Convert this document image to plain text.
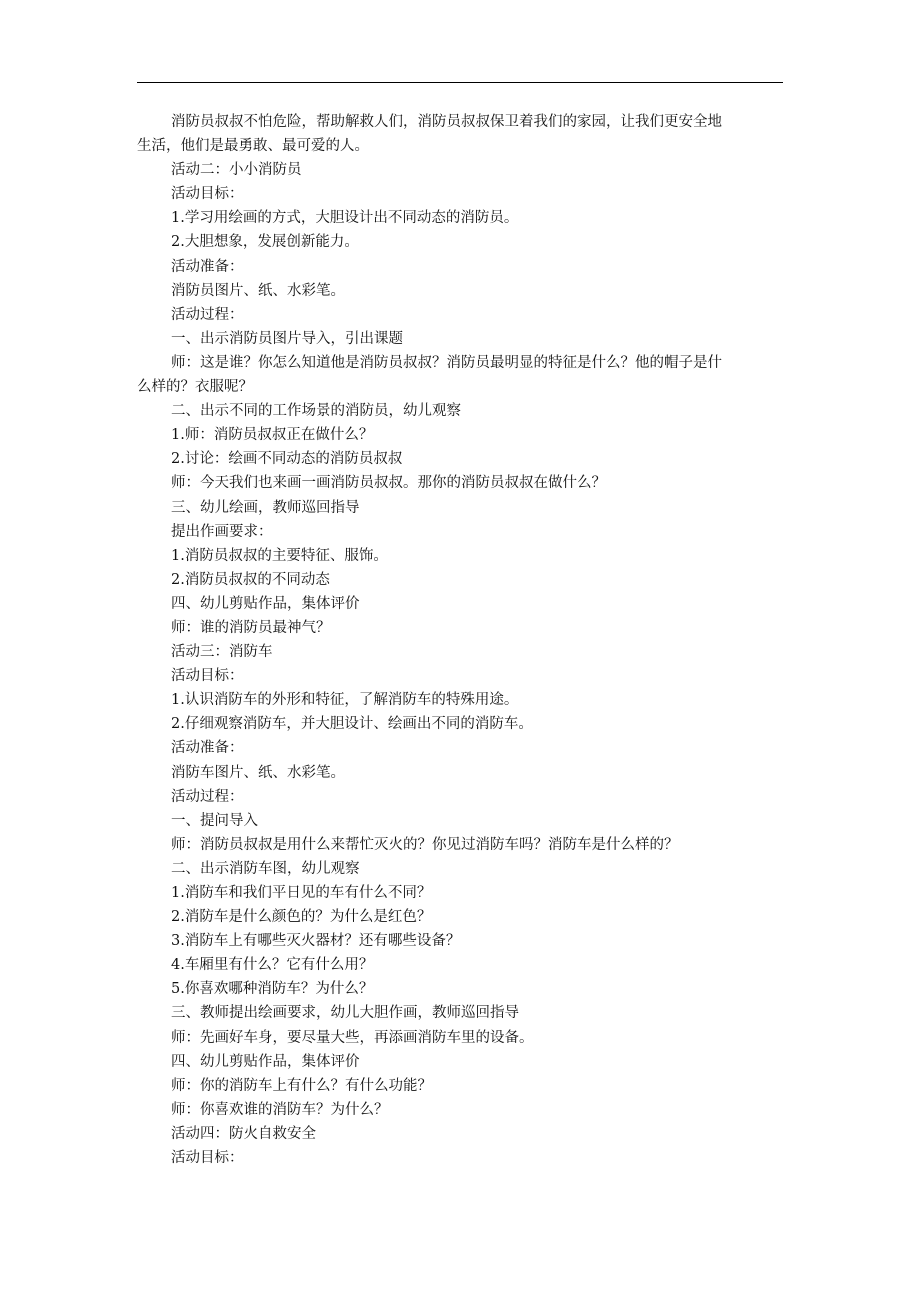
消防员叔叔不怕危险，帮助解救人们，消防员叔叔保卫着我们的家园，让我们更安全地
生活，他们是最勇敢、最可爱的人。
活动二：小小消防员
活动目标：
1.学习用绘画的方式，大胆设计出不同动态的消防员。
2.大胆想象，发展创新能力。
活动准备：
消防员图片、纸、水彩笔。
活动过程：
一、出示消防员图片导入，引出课题
师：这是谁？你怎么知道他是消防员叔叔？消防员最明显的特征是什么？他的帽子是什
么样的？衣服呢？
二、出示不同的工作场景的消防员，幼儿观察
1.师：消防员叔叔正在做什么？
2.讨论：绘画不同动态的消防员叔叔
师：今天我们也来画一画消防员叔叔。那你的消防员叔叔在做什么？
三、幼儿绘画，教师巡回指导
提出作画要求：
1.消防员叔叔的主要特征、服饰。
2.消防员叔叔的不同动态
四、幼儿剪贴作品，集体评价
师：谁的消防员最神气？
活动三：消防车
活动目标：
1.认识消防车的外形和特征，了解消防车的特殊用途。
2.仔细观察消防车，并大胆设计、绘画出不同的消防车。
活动准备：
消防车图片、纸、水彩笔。
活动过程：
一、提问导入
师：消防员叔叔是用什么来帮忙灭火的？你见过消防车吗？消防车是什么样的？
二、出示消防车图，幼儿观察
1.消防车和我们平日见的车有什么不同？
2.消防车是什么颜色的？为什么是红色？
3.消防车上有哪些灭火器材？还有哪些设备？
4.车厢里有什么？它有什么用？
5.你喜欢哪种消防车？为什么？
三、教师提出绘画要求，幼儿大胆作画，教师巡回指导
师：先画好车身，要尽量大些，再添画消防车里的设备。
四、幼儿剪贴作品，集体评价
师：你的消防车上有什么？有什么功能？
师：你喜欢谁的消防车？为什么？
活动四：防火自救安全
活动目标：
